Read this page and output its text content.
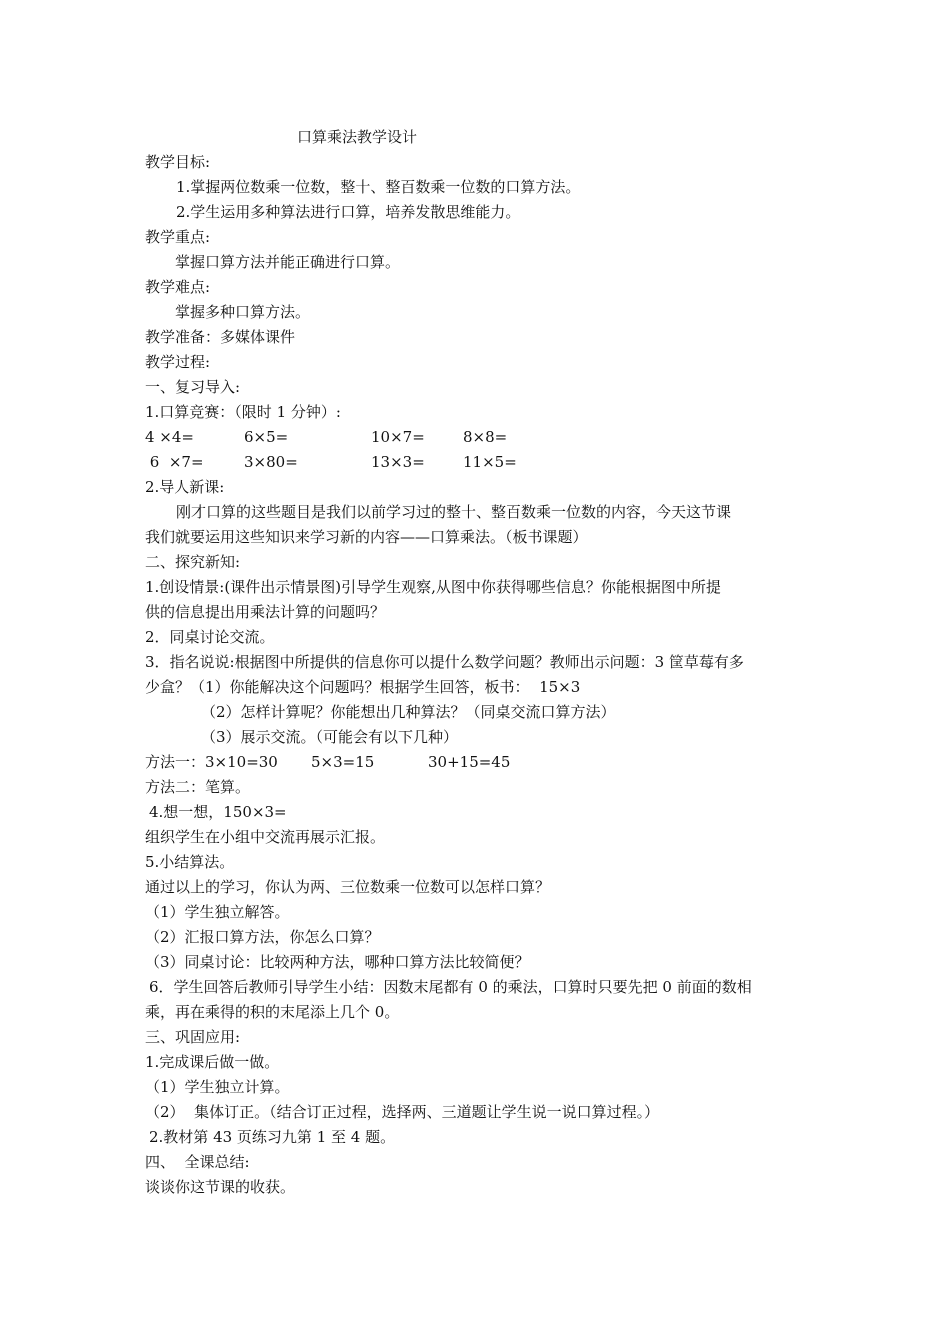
口算乘法教学设计
教学目标:
1.掌握两位数乘一位数，整十、整百数乘一位数的口算方法。
2.学生运用多种算法进行口算，培养发散思维能力。
教学重点:
掌握口算方法并能正确进行口算。
教学难点:
掌握多种口算方法。
教学准备：多媒体课件
教学过程:
一、复习导入:
1.口算竞赛：（限时 1 分钟）:
4 ×4=	6×5=	10×7=	8×8=
6  ×7=	3×80=	13×3=	11×5=
2.导人新课:
刚才口算的这些题目是我们以前学习过的整十、整百数乘一位数的内容，今天这节课
我们就要运用这些知识来学习新的内容——口算乘法。（板书课题）
二、探究新知:
1.创设情景:(课件出示情景图)引导学生观察,从图中你获得哪些信息？你能根据图中所提
供的信息提出用乘法计算的问题吗？
2．同桌讨论交流。
3．指名说说:根据图中所提供的信息你可以提什么数学问题？教师出示问题：3 筐草莓有多
少盒？（1）你能解决这个问题吗？根据学生回答，板书：  15×3
（2）怎样计算呢？你能想出几种算法？（同桌交流口算方法）
（3）展示交流。（可能会有以下几种）
方法一：3×10=30 5×3=15	30+15=45
方法二：笔算。
4.想一想，150×3=
组织学生在小组中交流再展示汇报。
5.小结算法。
通过以上的学习，你认为两、三位数乘一位数可以怎样口算？
（1）学生独立解答。
（2）汇报口算方法，你怎么口算？
（3）同桌讨论：比较两种方法，哪种口算方法比较简便？
6．学生回答后教师引导学生小结：因数末尾都有 0 的乘法，口算时只要先把 0 前面的数相
乘，再在乘得的积的末尾添上几个 0。
三、巩固应用:
1.完成课后做一做。
（1）学生独立计算。
（2）  集体订正。（结合订正过程，选择两、三道题让学生说一说口算过程。）
2.教材第 43 页练习九第 1 至 4 题。
四、  全课总结:
谈谈你这节课的收获。
